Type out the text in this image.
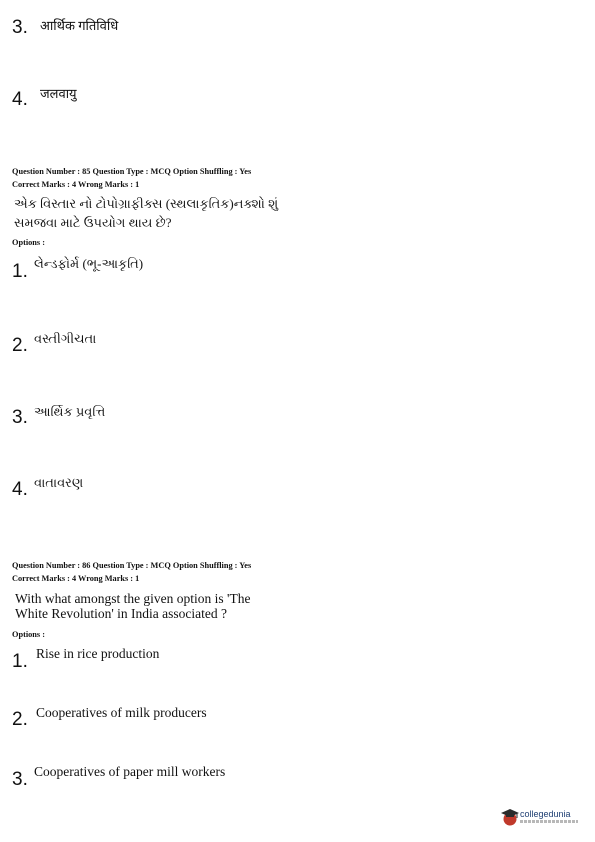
3. आर्थिक गतिविधि
4. जलवायु
Question Number : 85 Question Type : MCQ Option Shuffling : Yes
Correct Marks : 4 Wrong Marks : 1
એક વિસ્તાર નો ટોપોગ્રાફીક્સ (સ્થલાકૃતિક)નક્શો શું
સમજવા માટે ઉપયોગ થાય છે?
Options :
1. લેન્ડફોર્મ (ભૂ-આકૃતિ)
2. વસ્તીગીચતા
3. આર્થિક પ્રવૃત્તિ
4. વાતાવરણ
Question Number : 86 Question Type : MCQ Option Shuffling : Yes
Correct Marks : 4 Wrong Marks : 1
With what amongst the given option is 'The
White Revolution' in India associated ?
Options :
1. Rise in rice production
2. Cooperatives of milk producers
3. Cooperatives of paper mill workers
collegedunia
